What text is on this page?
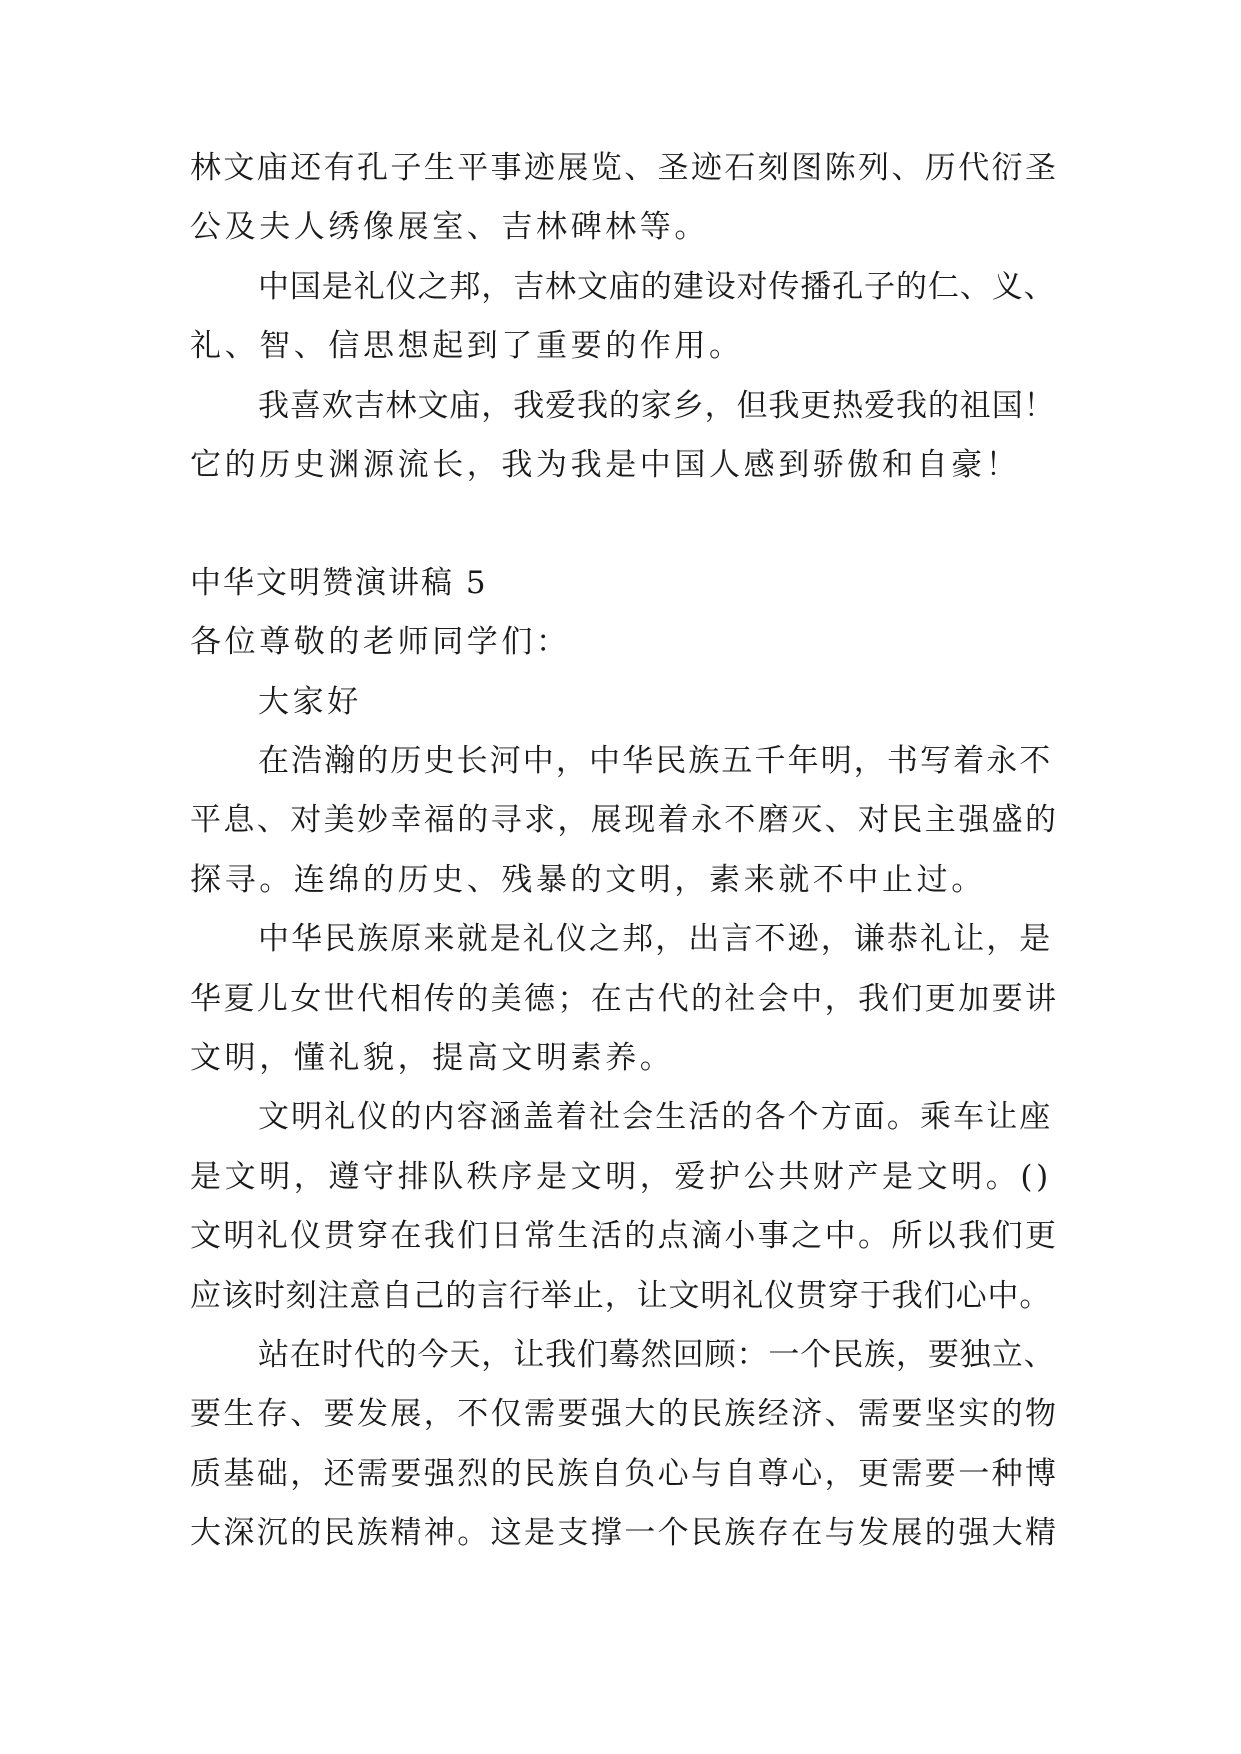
林文庙还有孔子生平事迹展览、圣迹石刻图陈列、历代衍圣
公及夫人绣像展室、吉林碑林等。
中国是礼仪之邦，吉林文庙的建设对传播孔子的仁、义、
礼、智、信思想起到了重要的作用。
我喜欢吉林文庙，我爱我的家乡，但我更热爱我的祖国！
它的历史渊源流长，我为我是中国人感到骄傲和自豪！
中华文明赞演讲稿 5
各位尊敬的老师同学们：
大家好
在浩瀚的历史长河中，中华民族五千年明，书写着永不
平息、对美妙幸福的寻求，展现着永不磨灭、对民主强盛的
探寻。连绵的历史、残暴的文明，素来就不中止过。
中华民族原来就是礼仪之邦，出言不逊，谦恭礼让，是
华夏儿女世代相传的美德；在古代的社会中，我们更加要讲
文明，懂礼貌，提高文明素养。
文明礼仪的内容涵盖着社会生活的各个方面。乘车让座
是文明，遵守排队秩序是文明，爱护公共财产是文明。()
文明礼仪贯穿在我们日常生活的点滴小事之中。所以我们更
应该时刻注意自己的言行举止，让文明礼仪贯穿于我们心中。
站在时代的今天，让我们蓦然回顾：一个民族，要独立、
要生存、要发展，不仅需要强大的民族经济、需要坚实的物
质基础，还需要强烈的民族自负心与自尊心，更需要一种博
大深沉的民族精神。这是支撑一个民族存在与发展的强大精
